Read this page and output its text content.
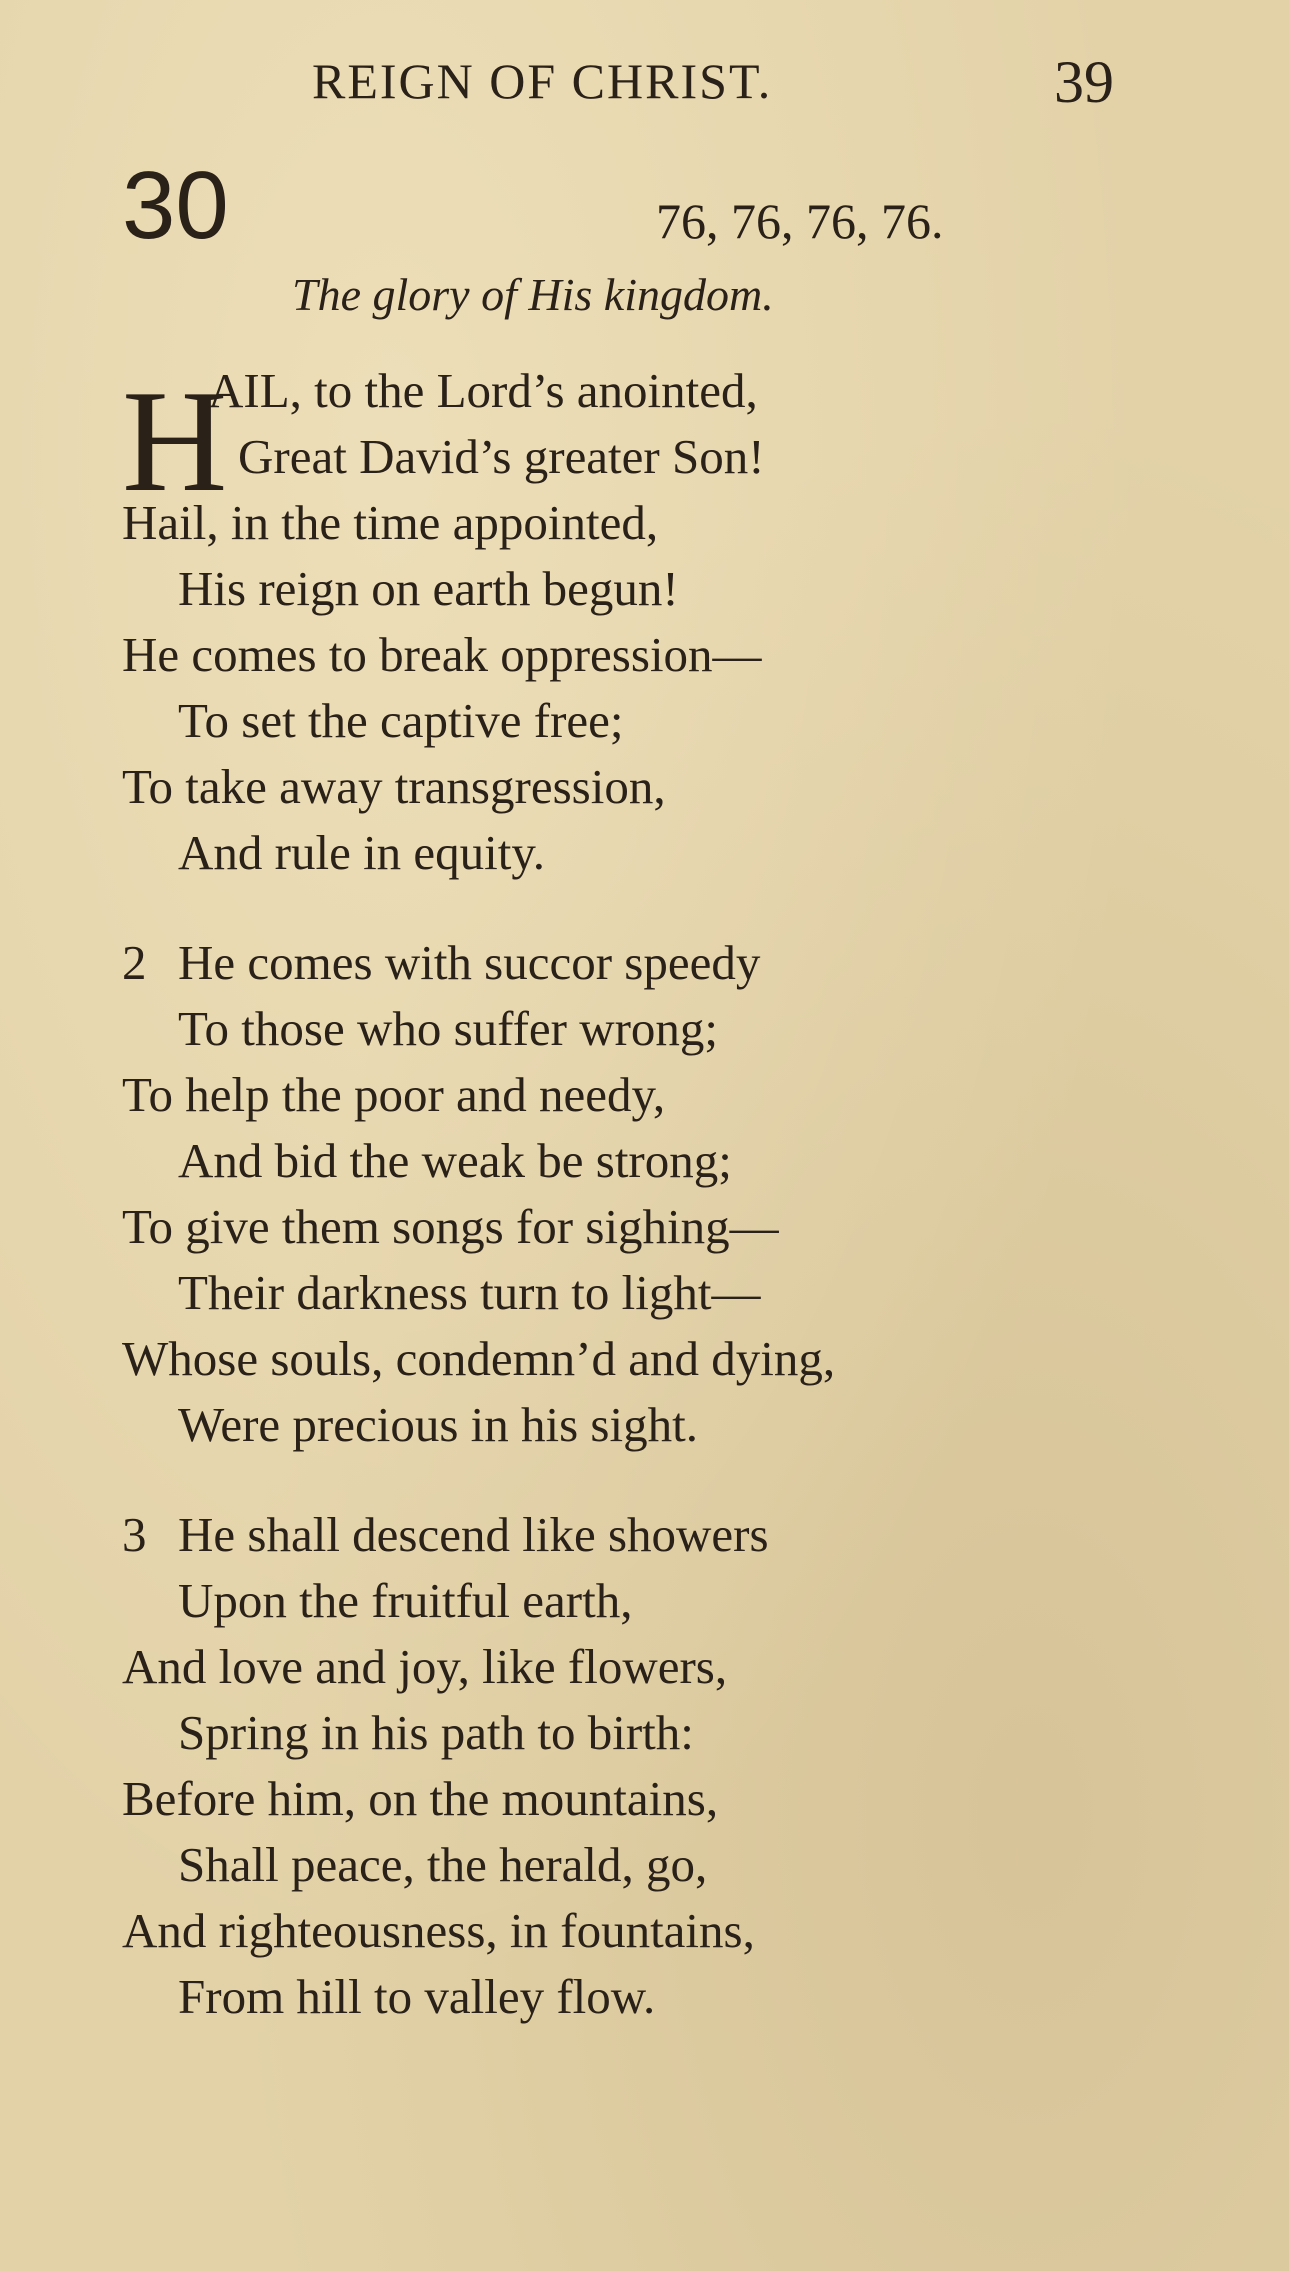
REIGN OF CHRIST.	39
30	76, 76, 76, 76.
The glory of His kingdom.
H
AIL, to the Lord’s anointed,
Great David’s greater Son!
Hail, in the time appointed,
His reign on earth begun!
He comes to break oppression—
To set the captive free;
To take away transgression,
And rule in equity.
2 He comes with succor speedy
To those who suffer wrong;
To help the poor and needy,
And bid the weak be strong;
To give them songs for sighing—
Their darkness turn to light—
Whose souls, condemn’d and dying,
Were precious in his sight.
3 He shall descend like showers
Upon the fruitful earth,
And love and joy, like flowers,
Spring in his path to birth:
Before him, on the mountains,
Shall peace, the herald, go,
And righteousness, in fountains,
From hill to valley flow.
